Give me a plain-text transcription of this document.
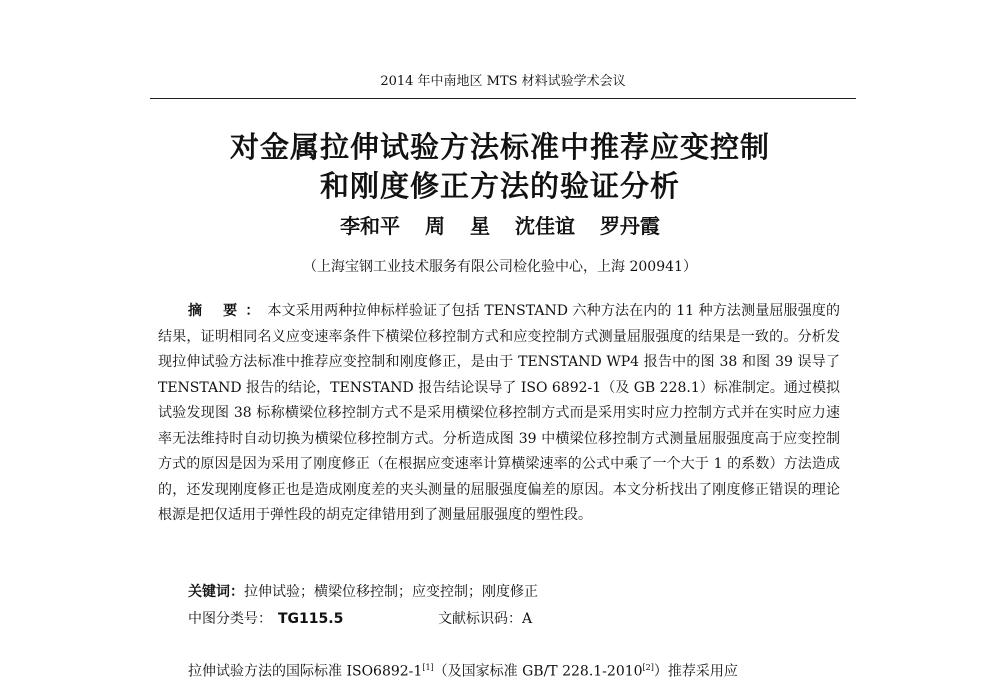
2014 年中南地区 MTS 材料试验学术会议
对金属拉伸试验方法标准中推荐应变控制
和刚度修正方法的验证分析
李和平 周 星 沈佳谊 罗丹霞
（上海宝钢工业技术服务有限公司检化验中心，上海 200941）

摘 要：本文采用两种拉伸标样验证了包括 TENSTAND 六种方法在内的 11 种方法测量屈服强度的结果，证明相同名义应变速率条件下横梁位移控制方式和应变控制方式测量屈服强度的结果是一致的。分析发现拉伸试验方法标准中推荐应变控制和刚度修正，是由于 TENSTAND WP4 报告中的图 38 和图 39 误导了 TENSTAND 报告的结论，TENSTAND 报告结论误导了 ISO 6892-1（及 GB 228.1）标准制定。通过模拟试验发现图 38 标称横梁位移控制方式不是采用横梁位移控制方式而是采用实时应力控制方式并在实时应力速率无法维持时自动切换为横梁位移控制方式。分析造成图 39 中横梁位移控制方式测量屈服强度高于应变控制方式的原因是因为采用了刚度修正（在根据应变速率计算横梁速率的公式中乘了一个大于 1 的系数）方法造成的，还发现刚度修正也是造成刚度差的夹头测量的屈服强度偏差的原因。本文分析找出了刚度修正错误的理论根源是把仅适用于弹性段的胡克定律错用到了测量屈服强度的塑性段。

关键词：拉伸试验；横梁位移控制；应变控制；刚度修正
中图分类号： TG115.5	文献标识码：A
拉伸试验方法的国际标准 ISO6892-1[1]（及国家标准 GB/T 228.1-2010[2]）推荐采用应
